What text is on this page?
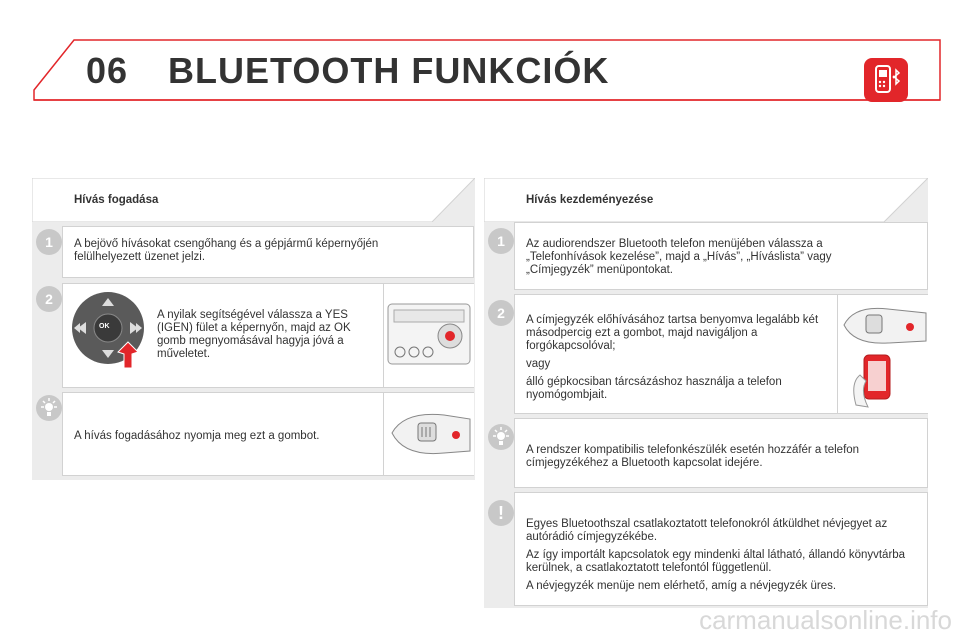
06 BLUETOOTH FUNKCIÓK
Hívás fogadása
1	A bejövő hívásokat csengőhang és a gépjármű képernyőjén felülhelyezett üzenet jelzi.
2
OK
A nyilak segítségével válassza a YES (IGEN) fület a képernyőn, majd az OK gomb megnyomásával hagyja jóvá a műveletet.
A hívás fogadásához nyomja meg ezt a gombot.
Hívás kezdeményezése
1	Az audiorendszer Bluetooth telefon menüjében válassza a „Telefonhívások kezelése”, majd a „Hívás”, „Híváslista” vagy „Címjegyzék” menüpontokat.
2	A címjegyzék előhívásához tartsa benyomva legalább két másodpercig ezt a gombot, majd navigáljon a forgókapcsolóval;

vagy

álló gépkocsiban tárcsázáshoz használja a telefon nyomógombjait.

A rendszer kompatibilis telefonkészülék esetén hozzáfér a telefon címjegyzékéhez a Bluetooth kapcsolat idejére.
!

Egyes Bluetoothszal csatlakoztatott telefonokról átküldhet névjegyet az autórádió címjegyzékébe.

Az így importált kapcsolatok egy mindenki által látható, állandó könyvtárba kerülnek, a csatlakoztatott telefontól függetlenül.

A névjegyzék menüje nem elérhető, amíg a névjegyzék üres.

carmanualsonline.info
